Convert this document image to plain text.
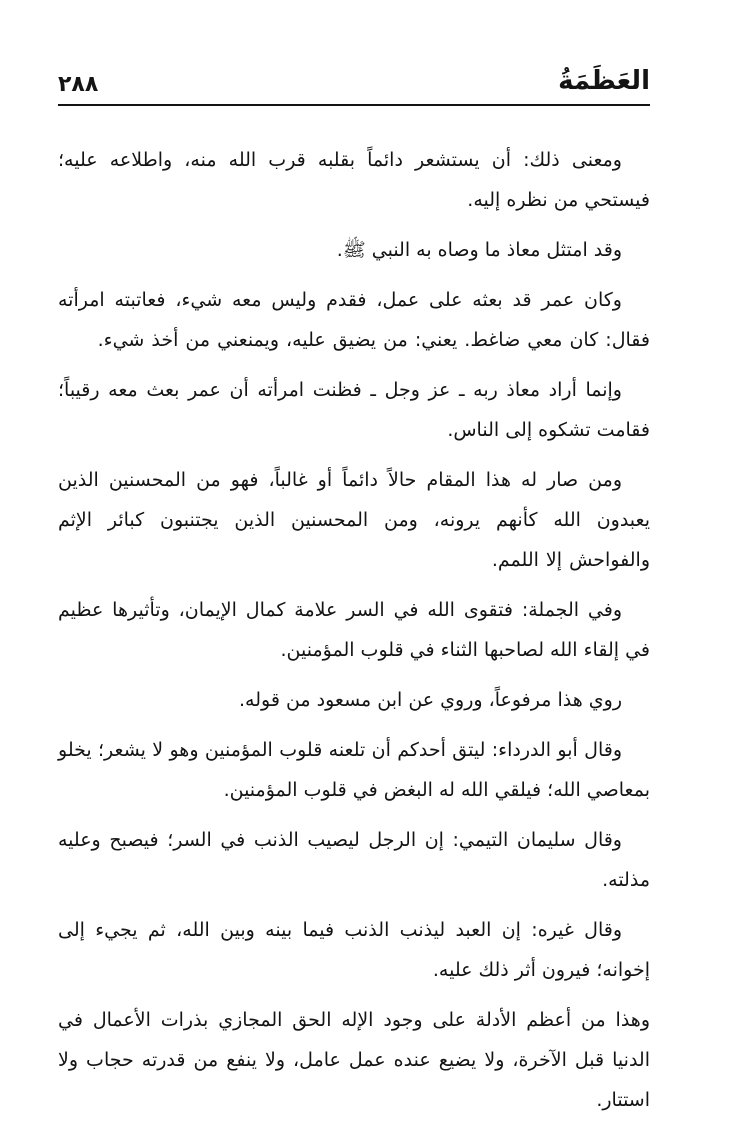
٢٨٨	العَظَمَةُ

ومعنى ذلك: أن يستشعر دائماً بقلبه قرب الله منه، واطلاعه عليه؛ فيستحي من نظره إليه.

وقد امتثل معاذ ما وصاه به النبي ﷺ.

وكان عمر قد بعثه على عمل، فقدم وليس معه شيء، فعاتبته امرأته فقال: كان معي ضاغط. يعني: من يضيق عليه، ويمنعني من أخذ شيء.

وإنما أراد معاذ ربه ـ عز وجل ـ فظنت امرأته أن عمر بعث معه رقيباً؛ فقامت تشكوه إلى الناس.

ومن صار له هذا المقام حالاً دائماً أو غالباً، فهو من المحسنين الذين يعبدون الله كأنهم يرونه، ومن المحسنين الذين يجتنبون كبائر الإثم والفواحش إلا اللمم.

وفي الجملة: فتقوى الله في السر علامة كمال الإيمان، وتأثيرها عظيم في إلقاء الله لصاحبها الثناء في قلوب المؤمنين.

روي هذا مرفوعاً، وروي عن ابن مسعود من قوله.

وقال أبو الدرداء: ليتق أحدكم أن تلعنه قلوب المؤمنين وهو لا يشعر؛ يخلو بمعاصي الله؛ فيلقي الله له البغض في قلوب المؤمنين.

وقال سليمان التيمي: إن الرجل ليصيب الذنب في السر؛ فيصبح وعليه مذلته.

وقال غيره: إن العبد ليذنب الذنب فيما بينه وبين الله، ثم يجيء إلى إخوانه؛ فيرون أثر ذلك عليه.

وهذا من أعظم الأدلة على وجود الإله الحق المجازي بذرات الأعمال في الدنيا قبل الآخرة، ولا يضيع عنده عمل عامل، ولا ينفع من قدرته حجاب ولا استتار.
